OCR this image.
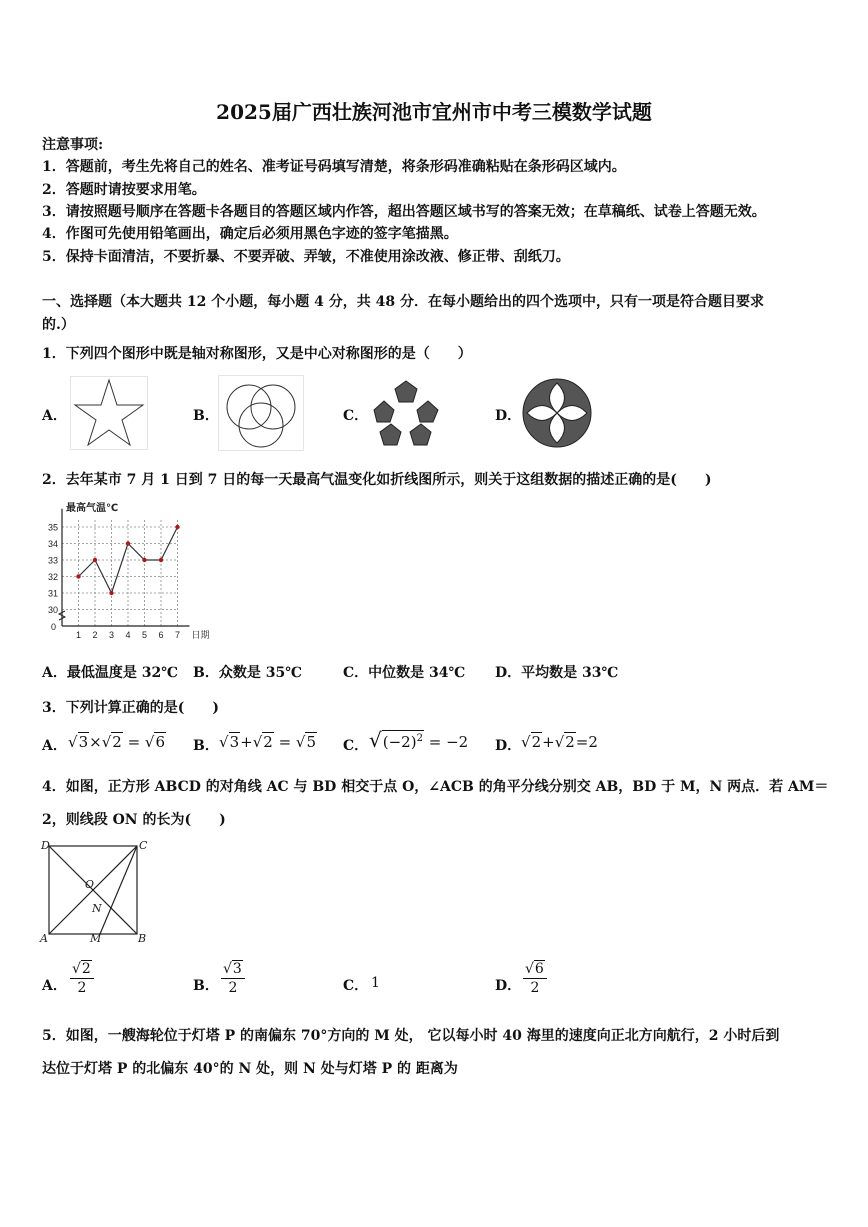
2025届广西壮族河池市宜州市中考三模数学试题
注意事项:
1．答题前，考生先将自己的姓名、准考证号码填写清楚，将条形码准确粘贴在条形码区域内。
2．答题时请按要求用笔。
3．请按照题号顺序在答题卡各题目的答题区域内作答，超出答题区域书写的答案无效；在草稿纸、试卷上答题无效。
4．作图可先使用铅笔画出，确定后必须用黑色字迹的签字笔描黑。
5．保持卡面清洁，不要折暴、不要弄破、弄皱，不准使用涂改液、修正带、刮纸刀。
一、选择题（本大题共 12 个小题，每小题 4 分，共 48 分．在每小题给出的四个选项中，只有一项是符合题目要求
的.）
1．下列四个图形中既是轴对称图形，又是中心对称图形的是（　　）
A．	B．	C．	D．
2．去年某市 7 月 1 日到 7 日的每一天最高气温变化如折线图所示，则关于这组数据的描述正确的是(　　)
30
31
32
33
34
35
0
1 2 3 4 5 6 7
最高气温℃
日期
A．最低温度是 32℃ B．众数是 35℃	C．中位数是 34℃ D．平均数是 33℃
3．下列计算正确的是(　　)
A． √3×√2 = √6 B． √3+√2 = √5 C． $√(-2)^2 = -2$ D． √2+√2=2
4．如图，正方形 ABCD 的对角线 AC 与 BD 相交于点 O，∠ACB 的角平分线分别交 AB，BD 于 M，N 两点．若 AM＝
2，则线段 ON 的长为(　　)
D	C
A	B
O
N
M
A． $\frac{√2}{2}$	B． $\frac{√3}{2}$	C． 1	D． $\frac{√6}{2}$
5．如图，一艘海轮位于灯塔 P 的南偏东 70°方向的 M 处， 它以每小时 40 海里的速度向正北方向航行，2 小时后到
达位于灯塔 P 的北偏东 40°的 N 处，则 N 处与灯塔 P 的 距离为
